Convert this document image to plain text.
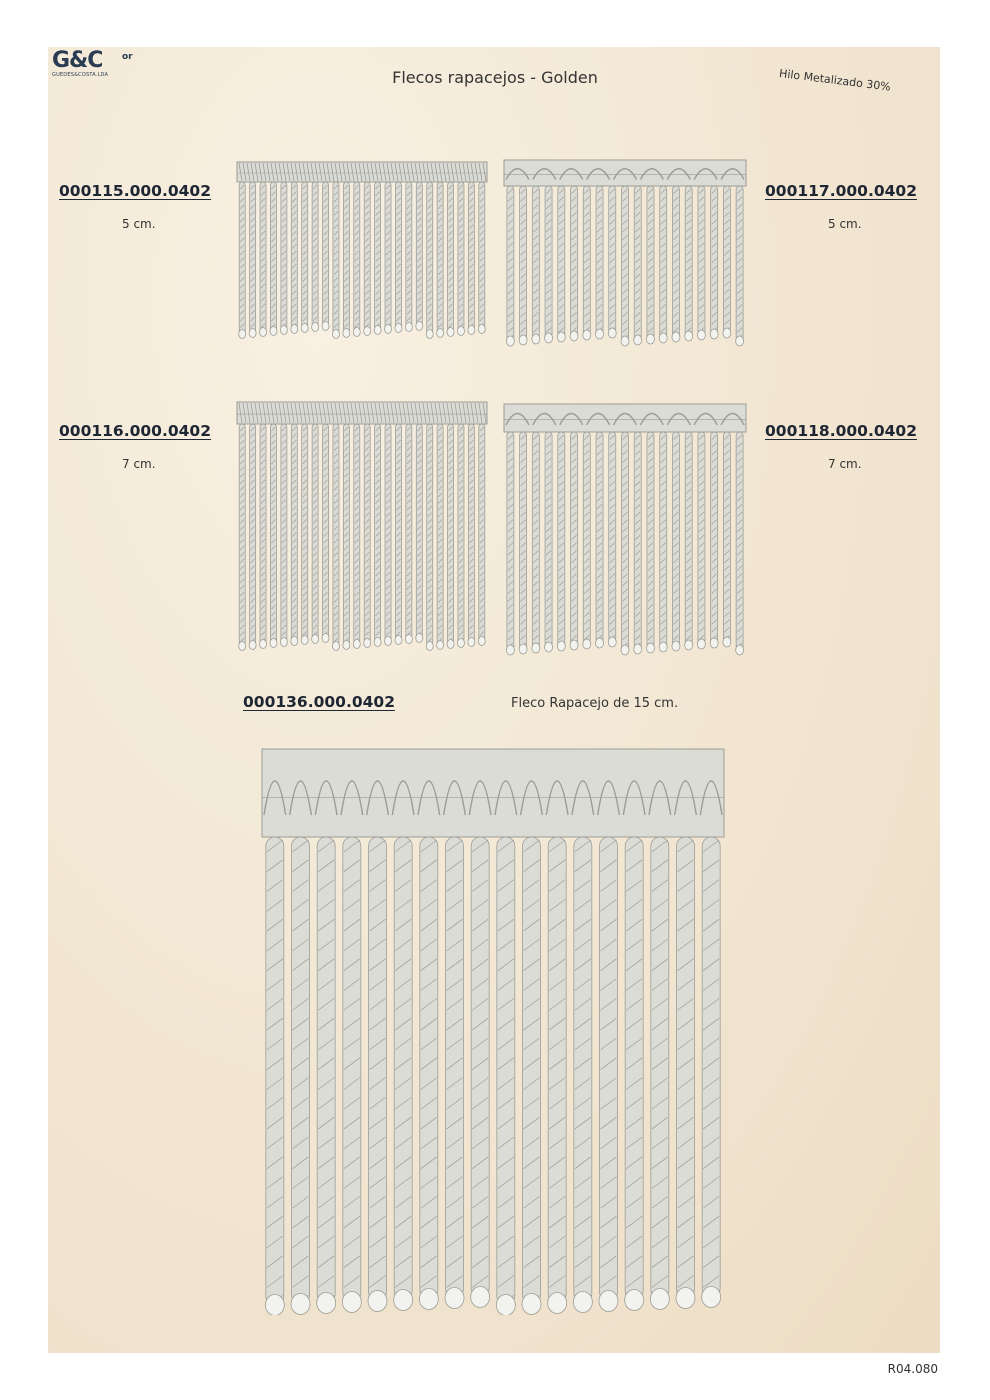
G&C or
GUEDES&COSTA.LDA	Flecos rapacejos - Golden	Hilo Metalizado 30%
000115.000.0402
5 cm.
000117.000.0402
5 cm.
000116.000.0402
7 cm.
000118.000.0402
7 cm.
000136.000.0402	Fleco Rapacejo de 15 cm.
R04.080
